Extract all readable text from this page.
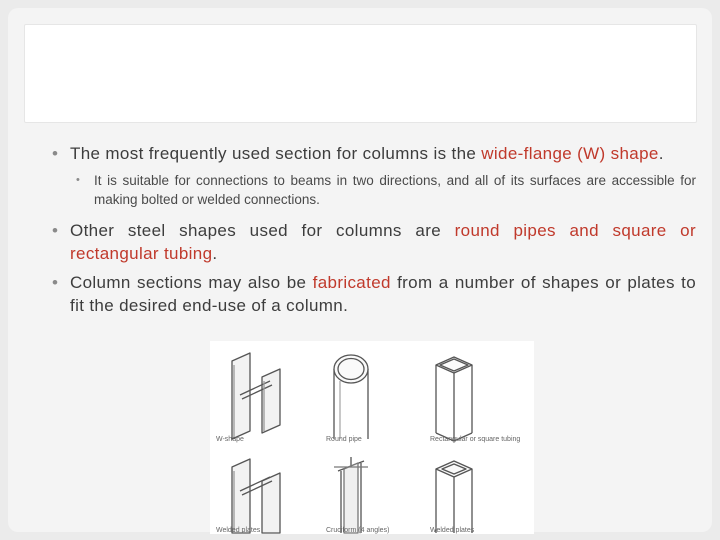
• The most frequently used section for columns is the wide-flange (W) shape.
• It is suitable for connections to beams in two directions, and all of its surfaces are accessible for making bolted or welded connections.
• Other steel shapes used for columns are round pipes and square or rectangular tubing.
• Column sections may also be fabricated from a number of shapes or plates to fit the desired end-use of a column.
W-shape	Round pipe	Rectangular or square tubing
Welded plates	Cruciform (4 angles)	Welded plates
